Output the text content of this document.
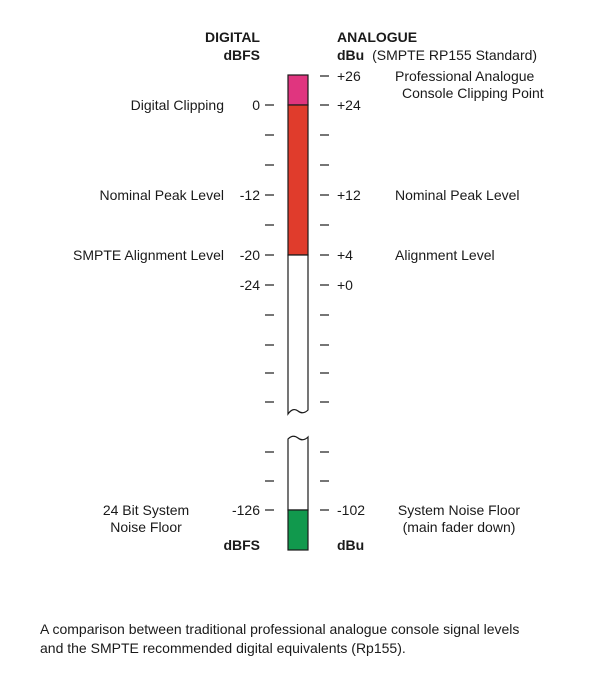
DIGITAL
dBFS
ANALOGUE
dBu (SMPTE RP155 Standard)
0
-12
-20
-24
-126
+26
+24
+12
+4
+0
-102
Digital Clipping
Nominal Peak Level
SMPTE Alignment Level
24 Bit System
Noise Floor
Professional Analogue
Console Clipping Point
Nominal Peak Level
Alignment Level
System Noise Floor
(main fader down)
dBFS	dBu
A comparison between traditional professional analogue console signal levels
and the SMPTE recommended digital equivalents (Rp155).
